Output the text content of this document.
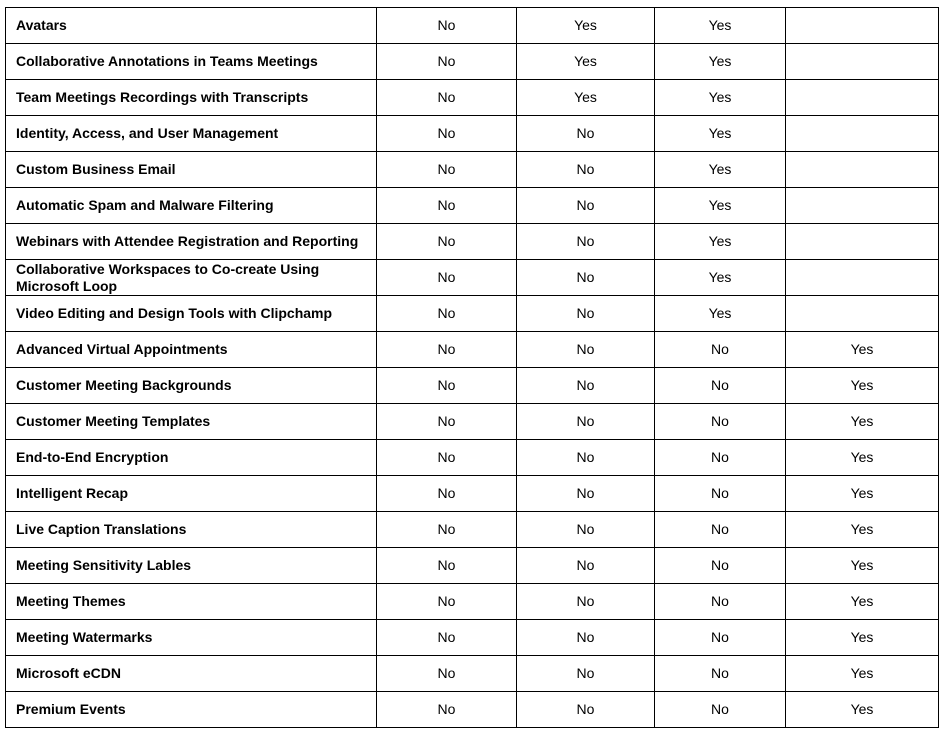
Avatars	No	Yes	Yes	
Collaborative Annotations in Teams Meetings	No	Yes	Yes	
Team Meetings Recordings with Transcripts	No	Yes	Yes	
Identity, Access, and User Management	No	No	Yes	
Custom Business Email	No	No	Yes	
Automatic Spam and Malware Filtering	No	No	Yes	
Webinars with Attendee Registration and Reporting	No	No	Yes	
Collaborative Workspaces to Co-create Using Microsoft Loop	No	No	Yes	
Video Editing and Design Tools with Clipchamp	No	No	Yes	
Advanced Virtual Appointments	No	No	No	Yes
Customer Meeting Backgrounds	No	No	No	Yes
Customer Meeting Templates	No	No	No	Yes
End-to-End Encryption	No	No	No	Yes
Intelligent Recap	No	No	No	Yes
Live Caption Translations	No	No	No	Yes
Meeting Sensitivity Lables	No	No	No	Yes
Meeting Themes	No	No	No	Yes
Meeting Watermarks	No	No	No	Yes
Microsoft eCDN	No	No	No	Yes
Premium Events	No	No	No	Yes
